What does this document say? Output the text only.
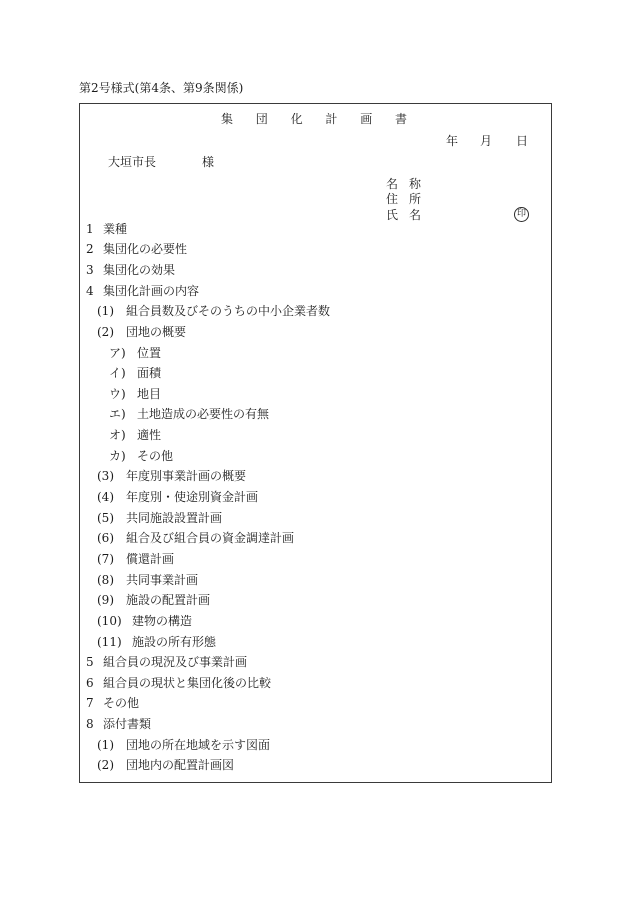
第2号様式(第4条、第9条関係)
集団化計画書
年 月 日
大垣市長	様
名称
住所
氏名	印
1 業種
2 集団化の必要性
3 集団化の効果
4 集団化計画の内容
(1) 組合員数及びそのうちの中小企業者数
(2) 団地の概要
ア) 位置
イ) 面積
ウ) 地目
エ) 土地造成の必要性の有無
オ) 適性
カ) その他
(3) 年度別事業計画の概要
(4) 年度別・使途別資金計画
(5) 共同施設設置計画
(6) 組合及び組合員の資金調達計画
(7) 償還計画
(8) 共同事業計画
(9) 施設の配置計画
(10) 建物の構造
(11) 施設の所有形態
5 組合員の現況及び事業計画
6 組合員の現状と集団化後の比較
7 その他
8 添付書類
(1) 団地の所在地域を示す図面
(2) 団地内の配置計画図
